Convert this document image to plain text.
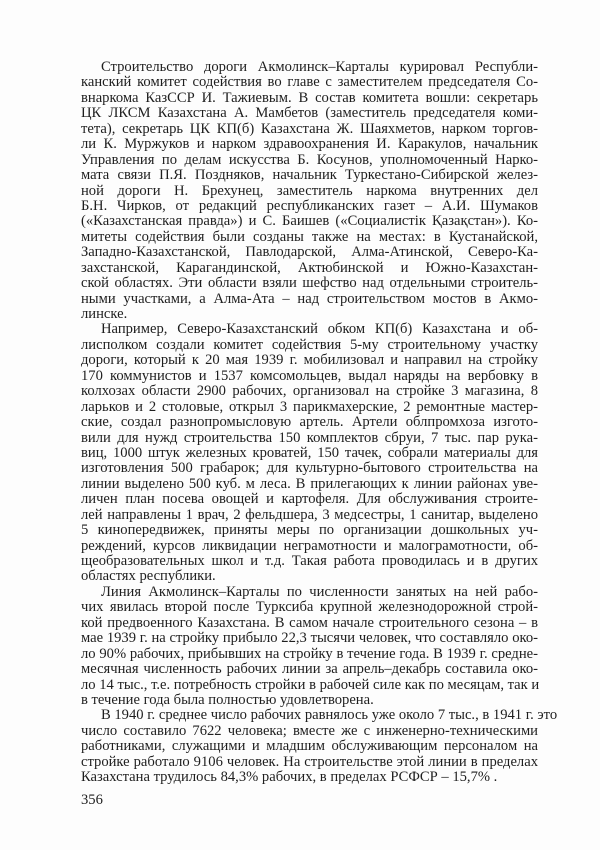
Строительство дороги Акмолинск–Карталы курировал Республи-
канский комитет содействия во главе с заместителем председателя Со-
внаркома КазССР И. Тажиевым. В состав комитета вошли: секретарь
ЦК ЛКСМ Казахстана А. Мамбетов (заместитель председателя коми-
тета), секретарь ЦК КП(б) Казахстана Ж. Шаяхметов, нарком торгов-
ли К. Муржуков и нарком здравоохранения И. Каракулов, начальник
Управления по делам искусства Б. Косунов, уполномоченный Нарко-
мата связи П.Я. Поздняков, начальник Туркестано-Сибирской желез-
ной дороги Н. Брехунец, заместитель наркома внутренних дел
Б.Н. Чирков, от редакций республиканских газет – А.И. Шумаков
(«Казахстанская правда») и С. Баишев («Социалистік Қазақстан»). Ко-
митеты содействия были созданы также на местах: в Кустанайской,
Западно-Казахстанской, Павлодарской, Алма-Атинской, Северо-Ка-
захстанской, Карагандинской, Актюбинской и Южно-Казахстан-
ской областях. Эти области взяли шефство над отдельными строитель-
ными участками, а Алма-Ата – над строительством мостов в Акмо-
линске.
Например, Северо-Казахстанский обком КП(б) Казахстана и об-
лисполком создали комитет содействия 5-му строительному участку
дороги, который к 20 мая 1939 г. мобилизовал и направил на стройку
170 коммунистов и 1537 комсомольцев, выдал наряды на вербовку в
колхозах области 2900 рабочих, организовал на стройке 3 магазина, 8
ларьков и 2 столовые, открыл 3 парикмахерские, 2 ремонтные мастер-
ские, создал разнопромысловую артель. Артели облпромхоза изгото-
вили для нужд строительства 150 комплектов сбруи, 7 тыс. пар рука-
виц, 1000 штук железных кроватей, 150 тачек, собрали материалы для
изготовления 500 грабарок; для культурно-бытового строительства на
линии выделено 500 куб. м леса. В прилегающих к линии районах уве-
личен план посева овощей и картофеля. Для обслуживания строите-
лей направлены 1 врач, 2 фельдшера, 3 медсестры, 1 санитар, выделено
5 кинопередвижек, приняты меры по организации дошкольных уч-
реждений, курсов ликвидации неграмотности и малограмотности, об-
щеобразовательных школ и т.д. Такая работа проводилась и в других
областях республики.
Линия Акмолинск–Карталы по численности занятых на ней рабо-
чих явилась второй после Турксиба крупной железнодорожной строй-
кой предвоенного Казахстана. В самом начале строительного сезона – в
мае 1939 г. на стройку прибыло 22,3 тысячи человек, что составляло око-
ло 90% рабочих, прибывших на стройку в течение года. В 1939 г. средне-
месячная численность рабочих линии за апрель–декабрь составила око-
ло 14 тыс., т.е. потребность стройки в рабочей силе как по месяцам, так и
в течение года была полностью удовлетворена.
В 1940 г. среднее число рабочих равнялось уже около 7 тыс., в 1941 г. это
число составило 7622 человека; вместе же с инженерно-техническими
работниками, служащими и младшим обслуживающим персоналом на
стройке работало 9106 человек. На строительстве этой линии в пределах
Казахстана трудилось 84,3% рабочих, в пределах РСФСР – 15,7% .
356
